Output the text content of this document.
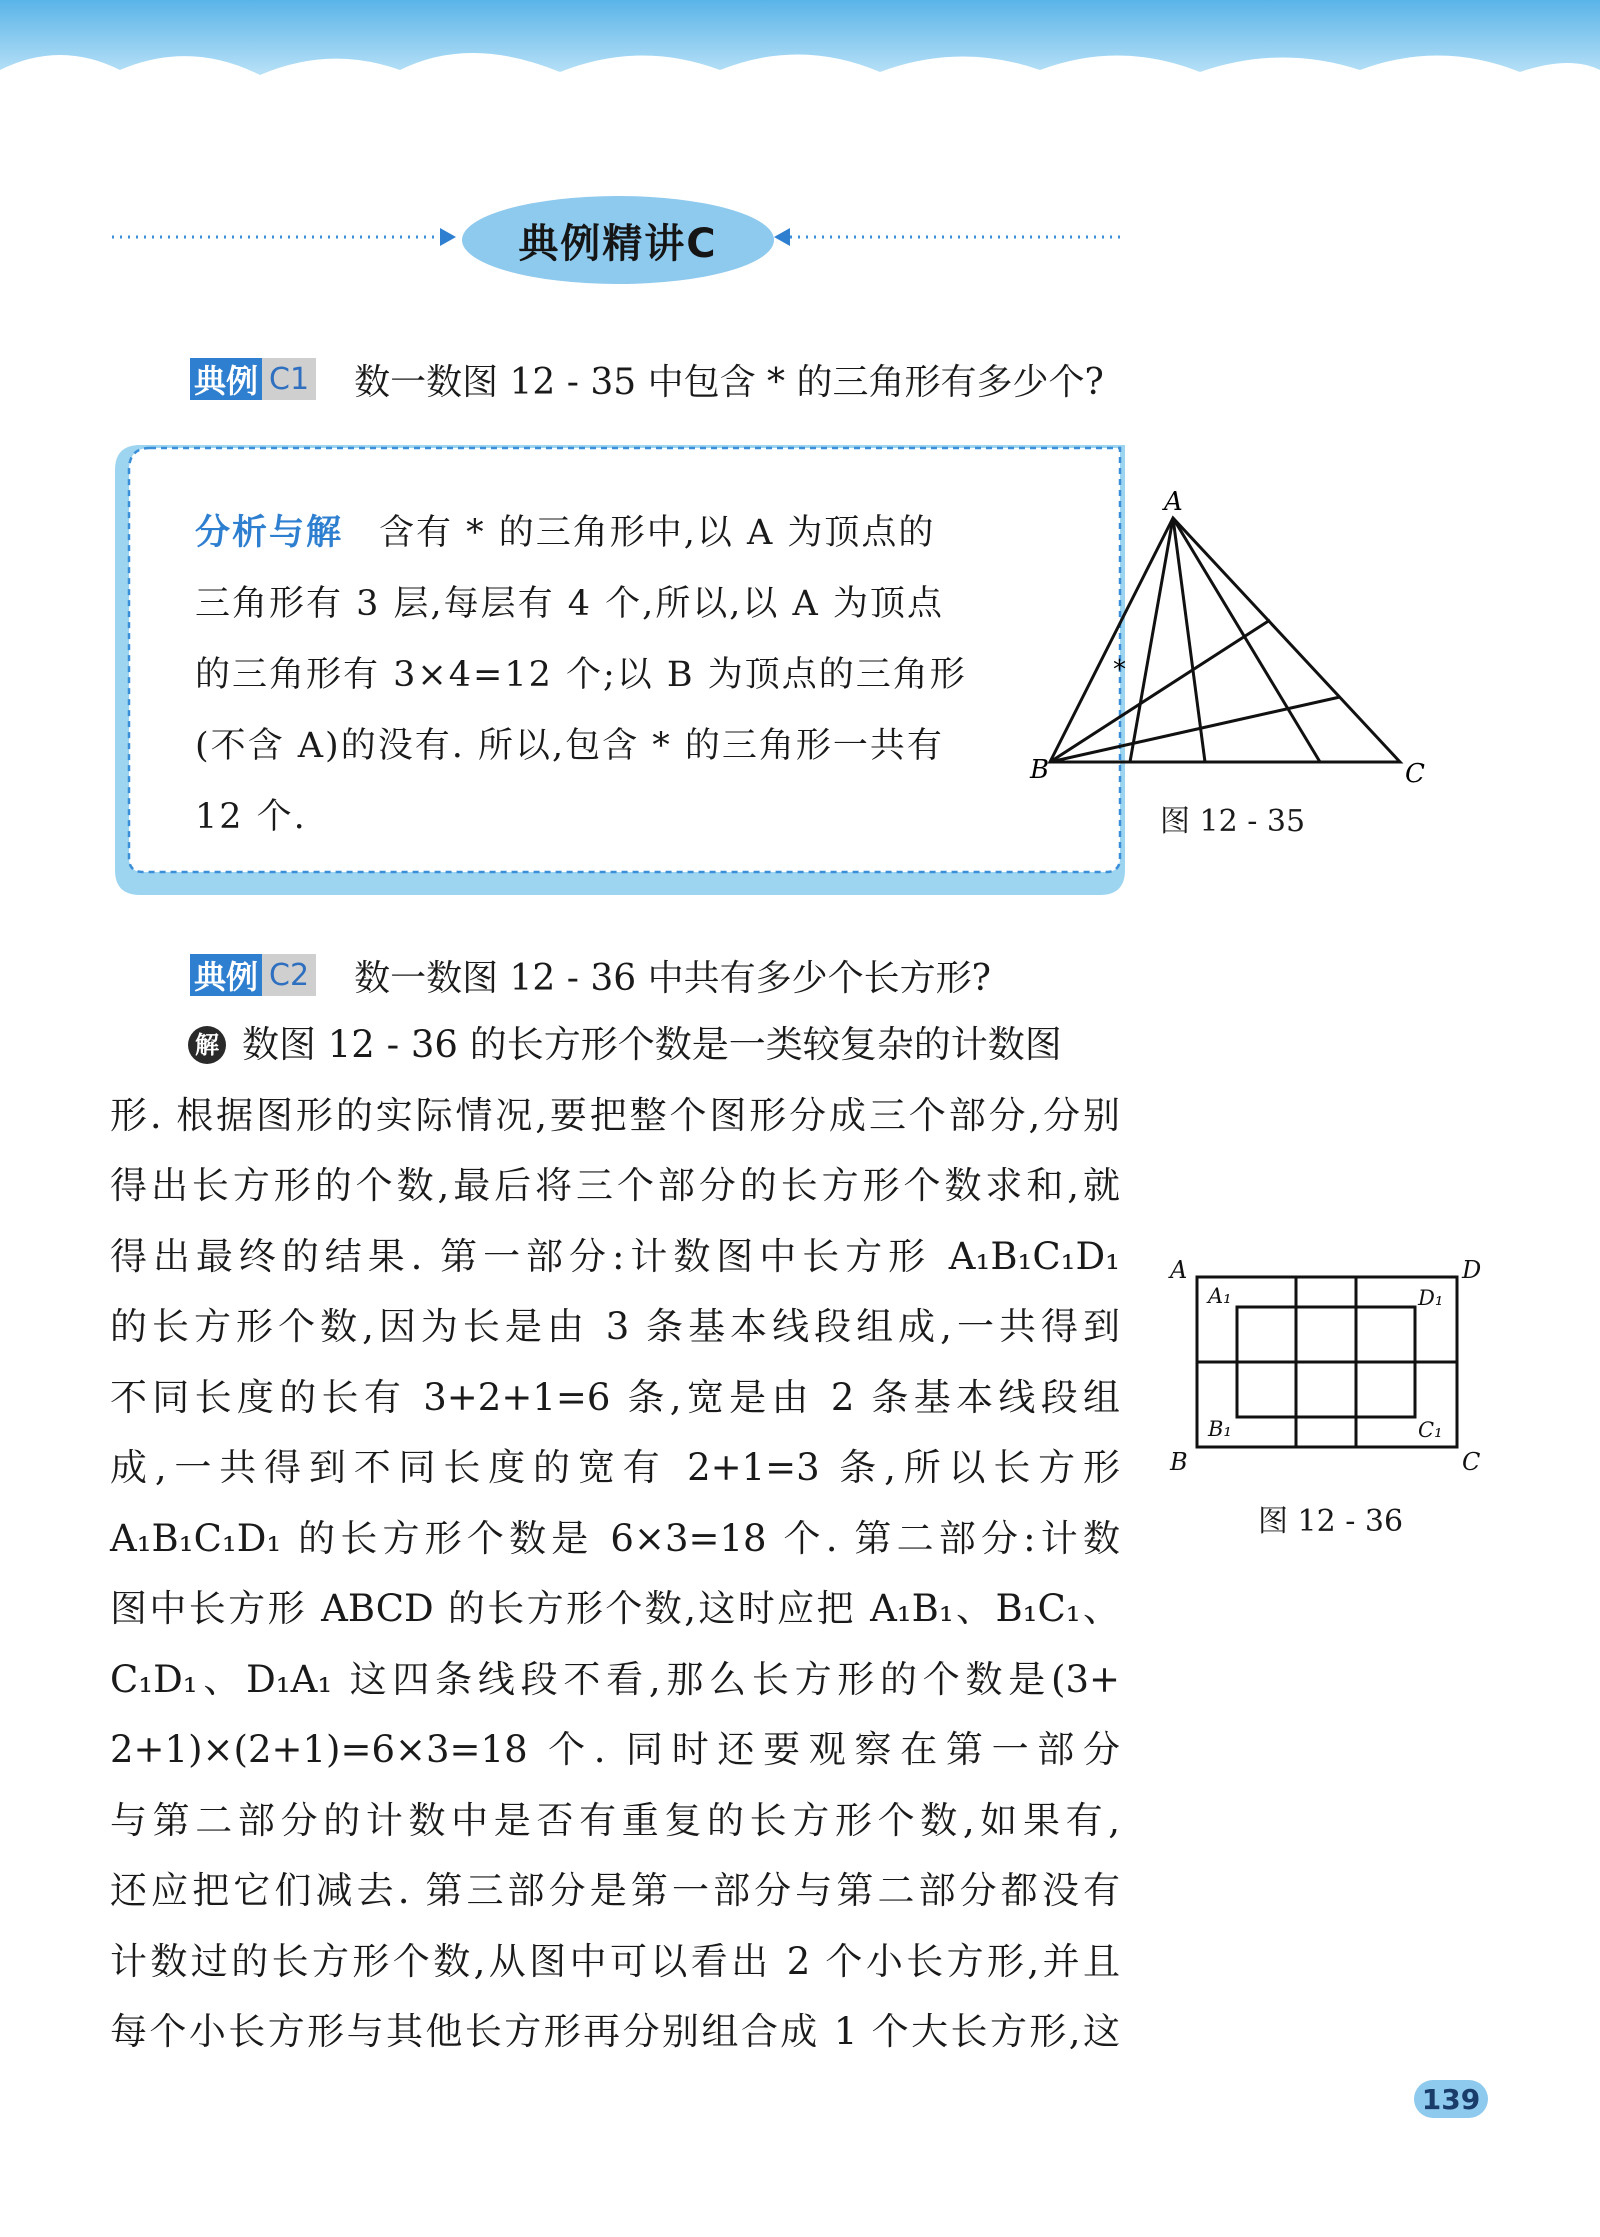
典例精讲C
典例 C1 数一数图 12 - 35 中包含 * 的三角形有多少个?
分析与解 含有 * 的三角形中,以 A 为顶点的
三角形有 3 层,每层有 4 个,所以,以 A 为顶点
的三角形有 3×4=12 个;以 B 为顶点的三角形
(不含 A)的没有. 所以,包含 * 的三角形一共有
12 个.
A
B	C
*
图 12 - 35
典例 C2 数一数图 12 - 36 中共有多少个长方形?
解 数图 12 - 36 的长方形个数是一类较复杂的计数图
形. 根据图形的实际情况,要把整个图形分成三个部分,分别
得出长方形的个数,最后将三个部分的长方形个数求和,就
得出最终的结果. 第一部分:计数图中长方形 A₁B₁C₁D₁
的长方形个数,因为长是由 3 条基本线段组成,一共得到
不同长度的长有 3+2+1=6 条,宽是由 2 条基本线段组
成,一共得到不同长度的宽有 2+1=3 条,所以长方形
A₁B₁C₁D₁ 的长方形个数是 6×3=18 个. 第二部分:计数
图中长方形 ABCD 的长方形个数,这时应把 A₁B₁、B₁C₁、
C₁D₁、D₁A₁ 这四条线段不看,那么长方形的个数是(3+
2+1)×(2+1)=6×3=18 个. 同时还要观察在第一部分
与第二部分的计数中是否有重复的长方形个数,如果有,
还应把它们减去. 第三部分是第一部分与第二部分都没有
计数过的长方形个数,从图中可以看出 2 个小长方形,并且
每个小长方形与其他长方形再分别组合成 1 个大长方形,这
A	D
B	C
A₁	D₁
B₁	C₁
图 12 - 36
139
